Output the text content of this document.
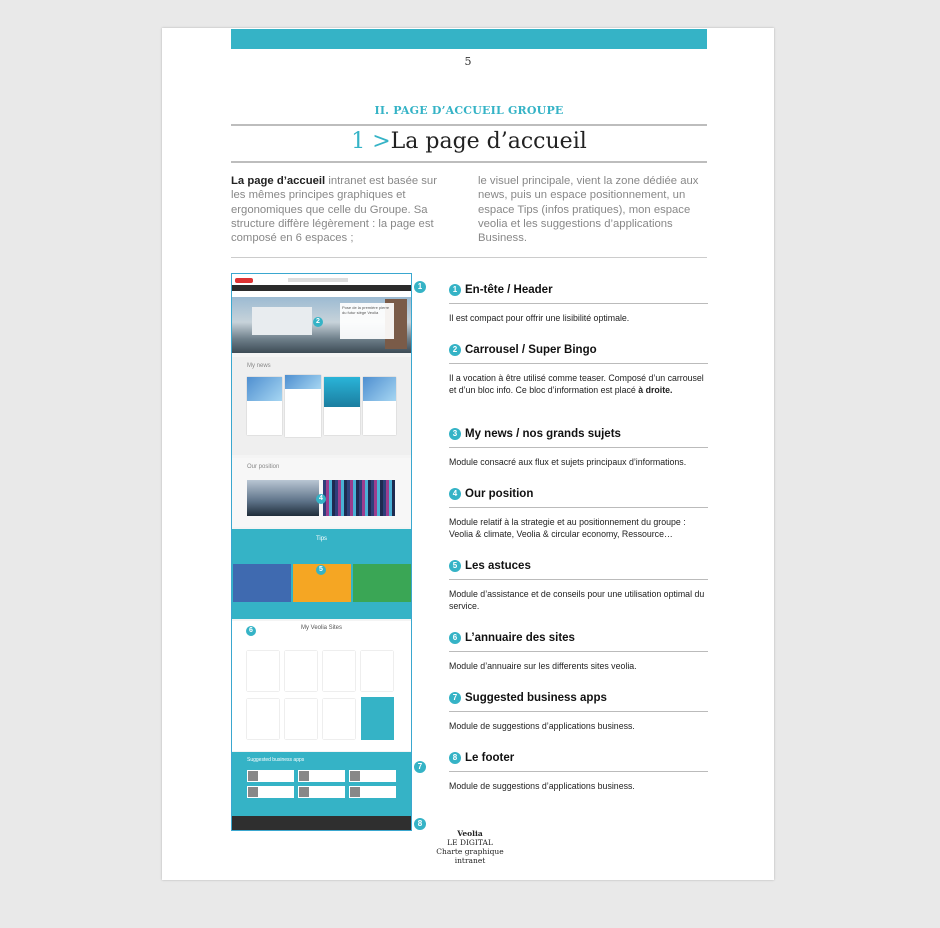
5
II. PAGE D’ACCUEIL GROUPE
1 >La page d’accueil
La page d’accueil intranet est basée sur les mêmes principes graphiques et ergonomiques que celle du Groupe. Sa structure diffère légèrement : la page est composé en 6 espaces ;
le visuel principale, vient la zone dédiée aux news, puis un espace positionnement, un espace Tips (infos pratiques), mon espace veolia et les suggestions d’applications Business.
Pose de la première pierre du futur siège Veolia
2
My news
Our position
4
Tips
5
My Veolia Sites
6
Suggested business apps
1
7
8
1 En-tête / Header
Il est compact pour offrir une lisibilité optimale.
2 Carrousel / Super Bingo
Il a vocation à être utilisé comme teaser. Composé d’un carrousel et d’un bloc info. Ce bloc d’information est placé à droite.
3 My news / nos grands sujets
Module consacré aux flux et sujets principaux d’informations.
4 Our position
Module relatif à la strategie et au positionnement du groupe : Veolia & climate, Veolia & circular economy, Ressource…
5 Les astuces
Module d’assistance et de conseils pour une utilisation optimal du service.
6 L’annuaire des sites
Module d’annuaire sur les differents sites veolia.
7 Suggested business apps
Module de suggestions d’applications business.
8 Le footer
Module de suggestions d’applications business.
Veolia
LE DIGITAL
Charte graphique intranet
